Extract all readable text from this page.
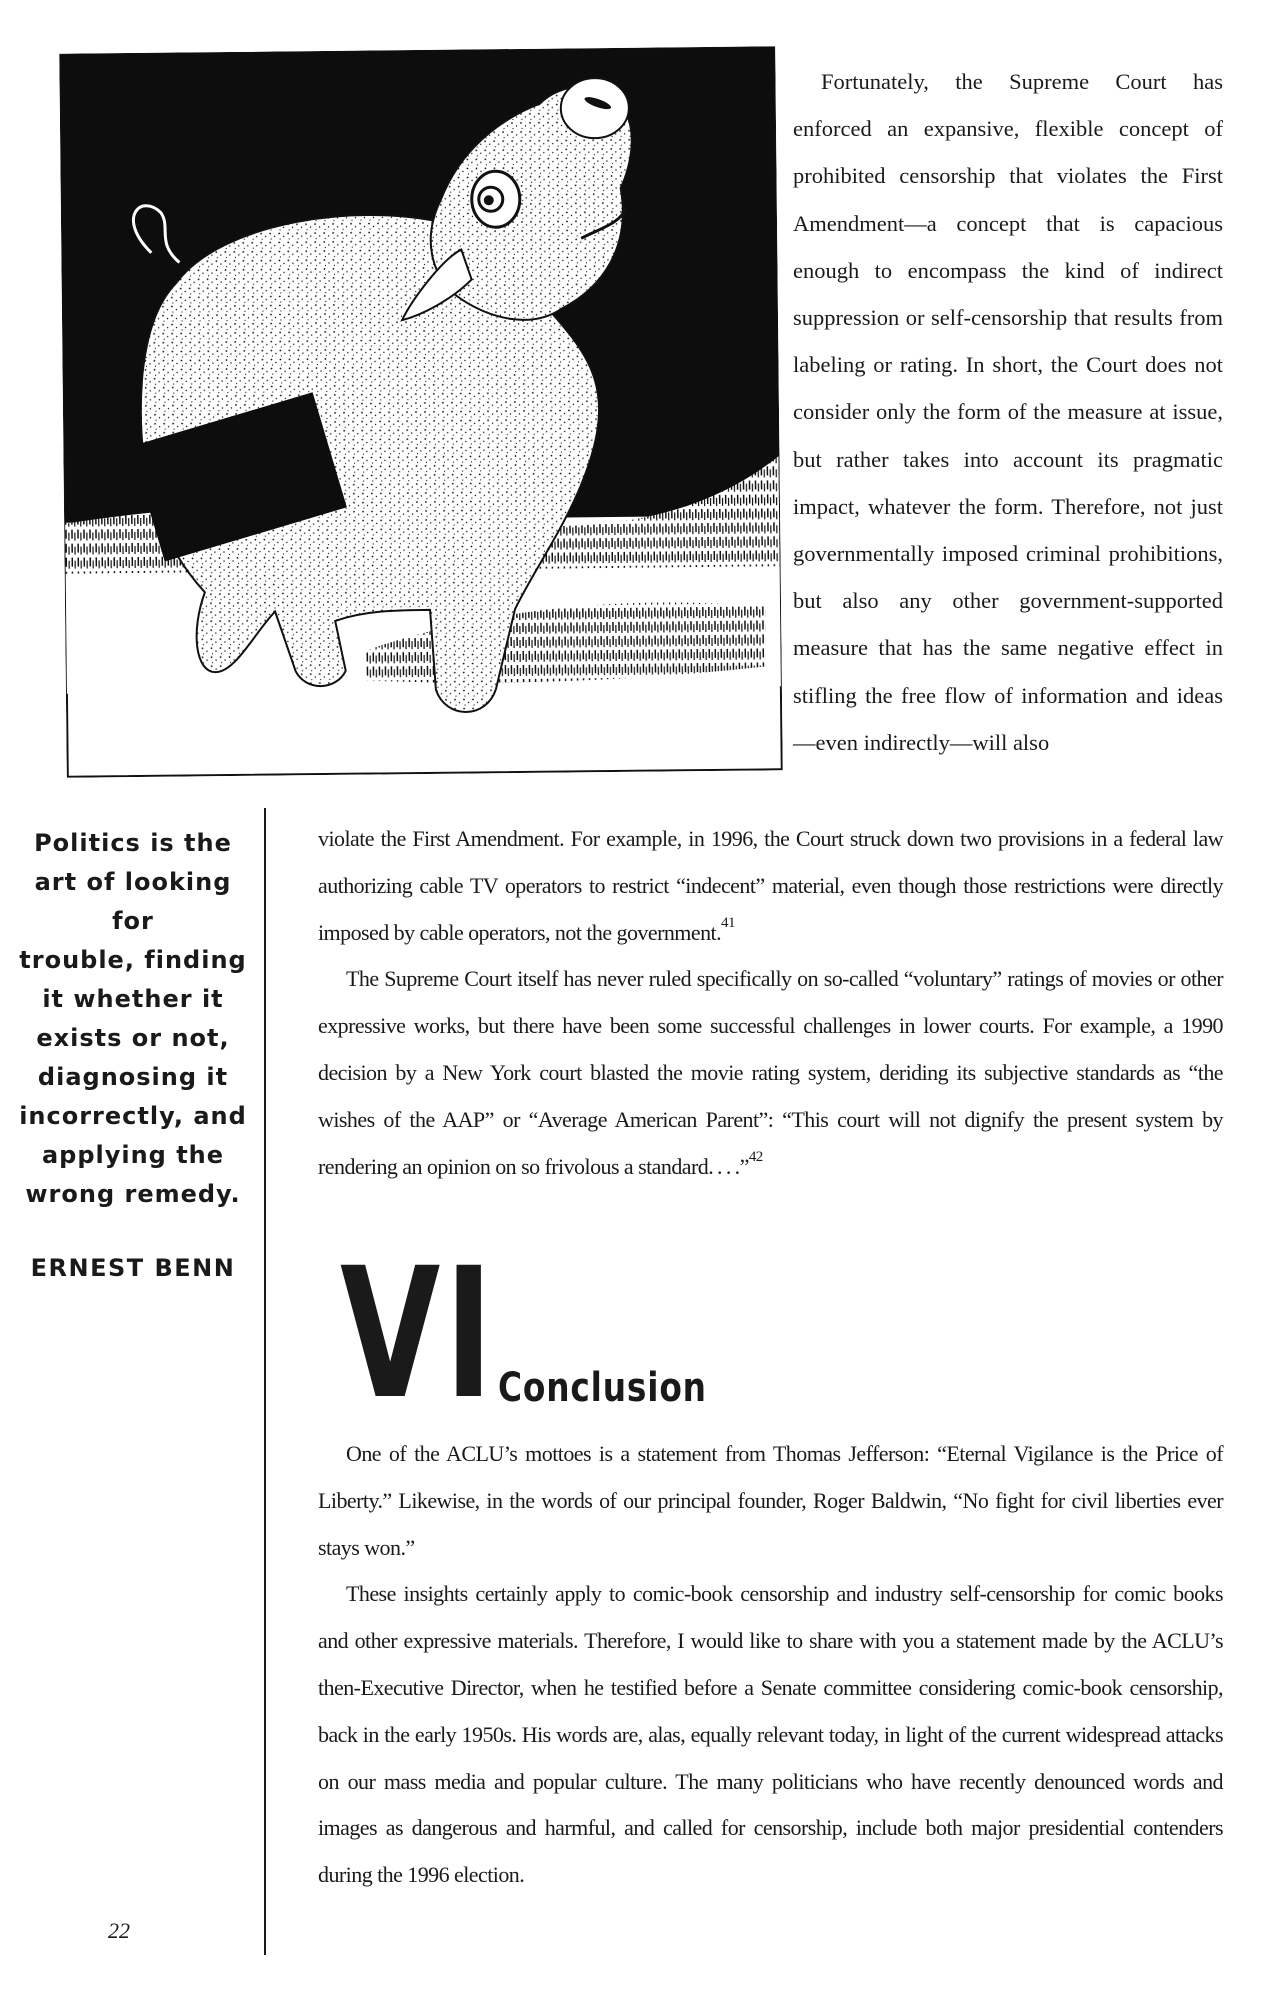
Fortunately, the Supreme Court has enforced an expansive, flexible concept of prohibited censorship that violates the First Amendment—a concept that is capacious enough to encompass the kind of indirect suppression or self-censorship that results from labeling or rating. In short, the Court does not consider only the form of the measure at issue, but rather takes into account its pragmatic impact, whatever the form. Therefore, not just governmentally imposed criminal prohibitions, but also any other government-supported measure that has the same negative effect in stifling the free flow of information and ideas—even indirectly—will also

Politics is the
art of looking for
trouble, finding
it whether it
exists or not,
diagnosing it
incorrectly, and
applying the
wrong remedy.
ERNEST BENN

violate the First Amendment. For example, in 1996, the Court struck down two provisions in a federal law authorizing cable TV operators to restrict “indecent” material, even though those restrictions were directly imposed by cable operators, not the government.$^{41}$

The Supreme Court itself has never ruled specifically on so-called “voluntary” ratings of movies or other expressive works, but there have been some successful challenges in lower courts. For example, a 1990 decision by a New York court blasted the movie rating system, deriding its subjective standards as “the wishes of the AAP” or “Average American Parent”: “This court will not dignify the present system by rendering an opinion on so frivolous a standard. . . .”$^{42}$

VI Conclusion

One of the ACLU’s mottoes is a statement from Thomas Jefferson: “Eternal Vigilance is the Price of Liberty.” Likewise, in the words of our principal founder, Roger Baldwin, “No fight for civil liberties ever stays won.”

These insights certainly apply to comic-book censorship and industry self-censorship for comic books and other expressive materials. Therefore, I would like to share with you a statement made by the ACLU’s then-Executive Director, when he testified before a Senate committee considering comic-book censorship, back in the early 1950s. His words are, alas, equally relevant today, in light of the current widespread attacks on our mass media and popular culture. The many politicians who have recently denounced words and images as dangerous and harmful, and called for censorship, include both major presidential contenders during the 1996 election.

22
